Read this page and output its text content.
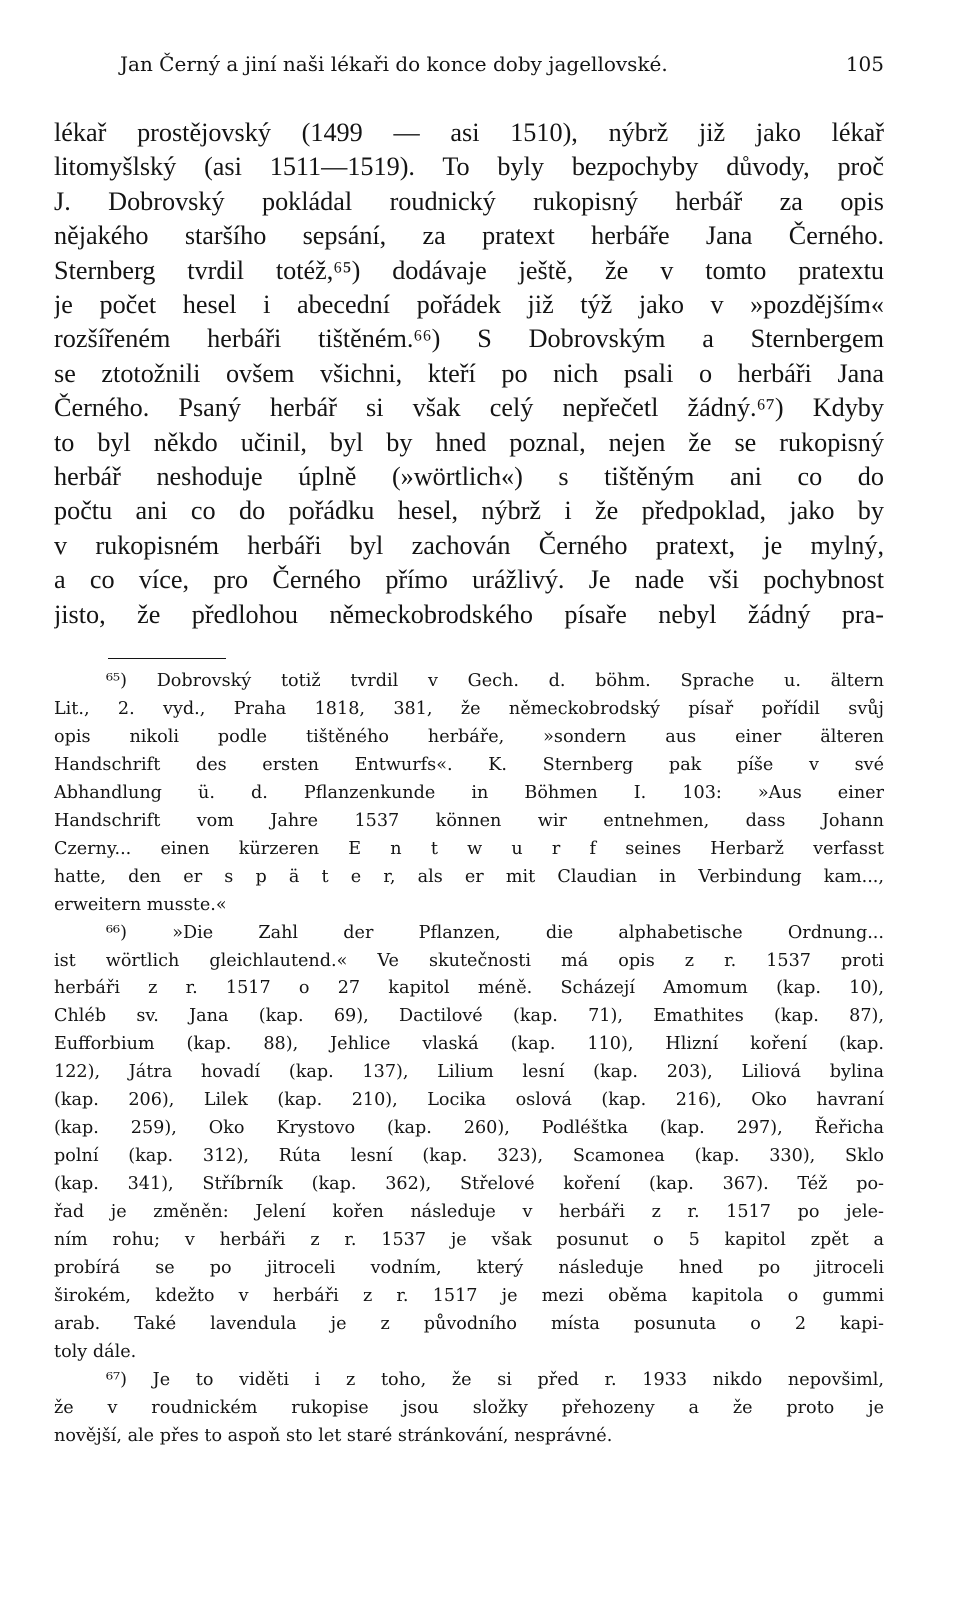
Jan Černý a jiní naši lékaři do konce doby jagellovské.	105
lékař prostějovský (1499 — asi 1510), nýbrž již jako lékař
litomyšlský (asi 1511—1519). To byly bezpochyby důvody, proč
J. Dobrovský pokládal roudnický rukopisný herbář za opis
nějakého staršího sepsání, za pratext herbáře Jana Černého.
Sternberg tvrdil totéž,⁶⁵) dodávaje ještě, že v tomto pratextu
je počet hesel i abecední pořádek již týž jako v »pozdějším«
rozšířeném herbáři tištěném.⁶⁶) S Dobrovským a Sternbergem
se ztotožnili ovšem všichni, kteří po nich psali o herbáři Jana
Černého. Psaný herbář si však celý nepřečetl žádný.⁶⁷) Kdyby
to byl někdo učinil, byl by hned poznal, nejen že se rukopisný
herbář neshoduje úplně (»wörtlich«) s tištěným ani co do
počtu ani co do pořádku hesel, nýbrž i že předpoklad, jako by
v rukopisném herbáři byl zachován Černého pratext, je mylný,
a co více, pro Černého přímo urážlivý. Je nade vši pochybnost
jisto, že předlohou německobrodského písaře nebyl žádný pra-
⁶⁵) Dobrovský totiž tvrdil v Gech. d. böhm. Sprache u. ältern
Lit., 2. vyd., Praha 1818, 381, že německobrodský písař pořídil svůj
opis nikoli podle tištěného herbáře, »sondern aus einer älteren
Handschrift des ersten Entwurfs«. K. Sternberg pak píše v své
Abhandlung ü. d. Pflanzenkunde in Böhmen I. 103: »Aus einer
Handschrift vom Jahre 1537 können wir entnehmen, dass Johann
Czerny... einen kürzeren E n t w u r f seines Herbarž verfasst
hatte, den er s p ä t e r, als er mit Claudian in Verbindung kam...,
erweitern musste.«
⁶⁶) »Die Zahl der Pflanzen, die alphabetische Ordnung...
ist wörtlich gleichlautend.« Ve skutečnosti má opis z r. 1537 proti
herbáři z r. 1517 o 27 kapitol méně. Scházejí Amomum (kap. 10),
Chléb sv. Jana (kap. 69), Dactilové (kap. 71), Emathites (kap. 87),
Eufforbium (kap. 88), Jehlice vlaská (kap. 110), Hlizní koření (kap.
122), Játra hovadí (kap. 137), Lilium lesní (kap. 203), Liliová bylina
(kap. 206), Lilek (kap. 210), Locika oslová (kap. 216), Oko havraní
(kap. 259), Oko Krystovo (kap. 260), Podléštka (kap. 297), Řeřicha
polní (kap. 312), Rúta lesní (kap. 323), Scamonea (kap. 330), Sklo
(kap. 341), Stříbrník (kap. 362), Střelové koření (kap. 367). Též po-
řad je změněn: Jelení kořen následuje v herbáři z r. 1517 po jele-
ním rohu; v herbáři z r. 1537 je však posunut o 5 kapitol zpět a
probírá se po jitroceli vodním, který následuje hned po jitroceli
širokém, kdežto v herbáři z r. 1517 je mezi oběma kapitola o gummi
arab. Také lavendula je z původního místa posunuta o 2 kapi-
toly dále.
⁶⁷) Je to viděti i z toho, že si před r. 1933 nikdo nepovšiml,
že v roudnickém rukopise jsou složky přehozeny a že proto je
novější, ale přes to aspoň sto let staré stránkování, nesprávné.
